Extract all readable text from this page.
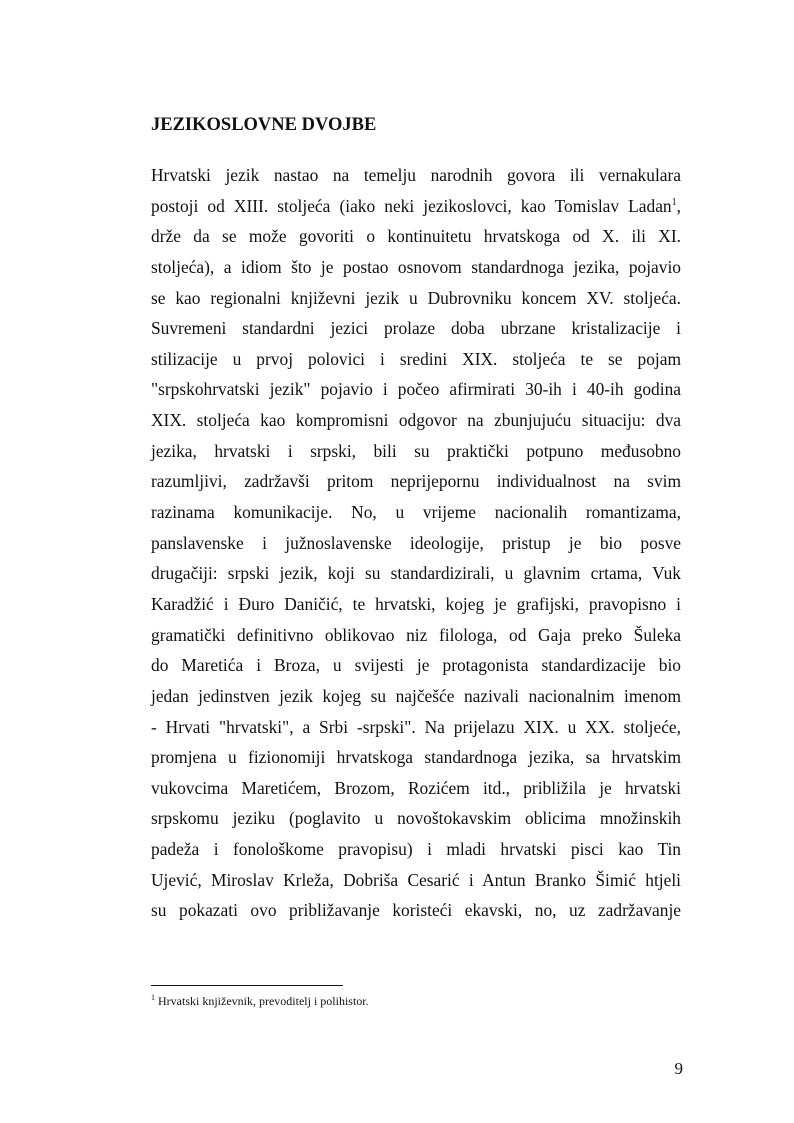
JEZIKOSLOVNE DVOJBE
Hrvatski jezik nastao na temelju narodnih govora ili vernakulara
postoji od XIII. stoljeća (iako neki jezikoslovci, kao Tomislav Ladan$^1$,
drže da se može govoriti o kontinuitetu hrvatskoga od X. ili XI.
stoljeća), a idiom što je postao osnovom standardnoga jezika, pojavio
se kao regionalni književni jezik u Dubrovniku koncem XV. stoljeća.
Suvremeni standardni jezici prolaze doba ubrzane kristalizacije i
stilizacije u prvoj polovici i sredini XIX. stoljeća te se pojam
"srpskohrvatski jezik" pojavio i počeo afirmirati 30-ih i 40-ih godina
XIX. stoljeća kao kompromisni odgovor na zbunjujuću situaciju: dva
jezika, hrvatski i srpski, bili su praktički potpuno međusobno
razumljivi, zadržavši pritom neprijepornu individualnost na svim
razinama komunikacije. No, u vrijeme nacionalih romantizama,
panslavenske i južnoslavenske ideologije, pristup je bio posve
drugačiji: srpski jezik, koji su standardizirali, u glavnim crtama, Vuk
Karadžić i Đuro Daničić, te hrvatski, kojeg je grafijski, pravopisno i
gramatički definitivno oblikovao niz filologa, od Gaja preko Šuleka
do Maretića i Broza, u svijesti je protagonista standardizacije bio
jedan jedinstven jezik kojeg su najčešće nazivali nacionalnim imenom
- Hrvati "hrvatski", a Srbi -srpski". Na prijelazu XIX. u XX. stoljeće,
promjena u fizionomiji hrvatskoga standardnoga jezika, sa hrvatskim
vukovcima Maretićem, Brozom, Rozićem itd., približila je hrvatski
srpskomu jeziku (poglavito u novoštokavskim oblicima množinskih
padeža i fonološkome pravopisu) i mladi hrvatski pisci kao Tin
Ujević, Miroslav Krleža, Dobriša Cesarić i Antun Branko Šimić htjeli
su pokazati ovo približavanje koristeći ekavski, no, uz zadržavanje
$^1$ Hrvatski književnik, prevoditelj i polihistor.
9
